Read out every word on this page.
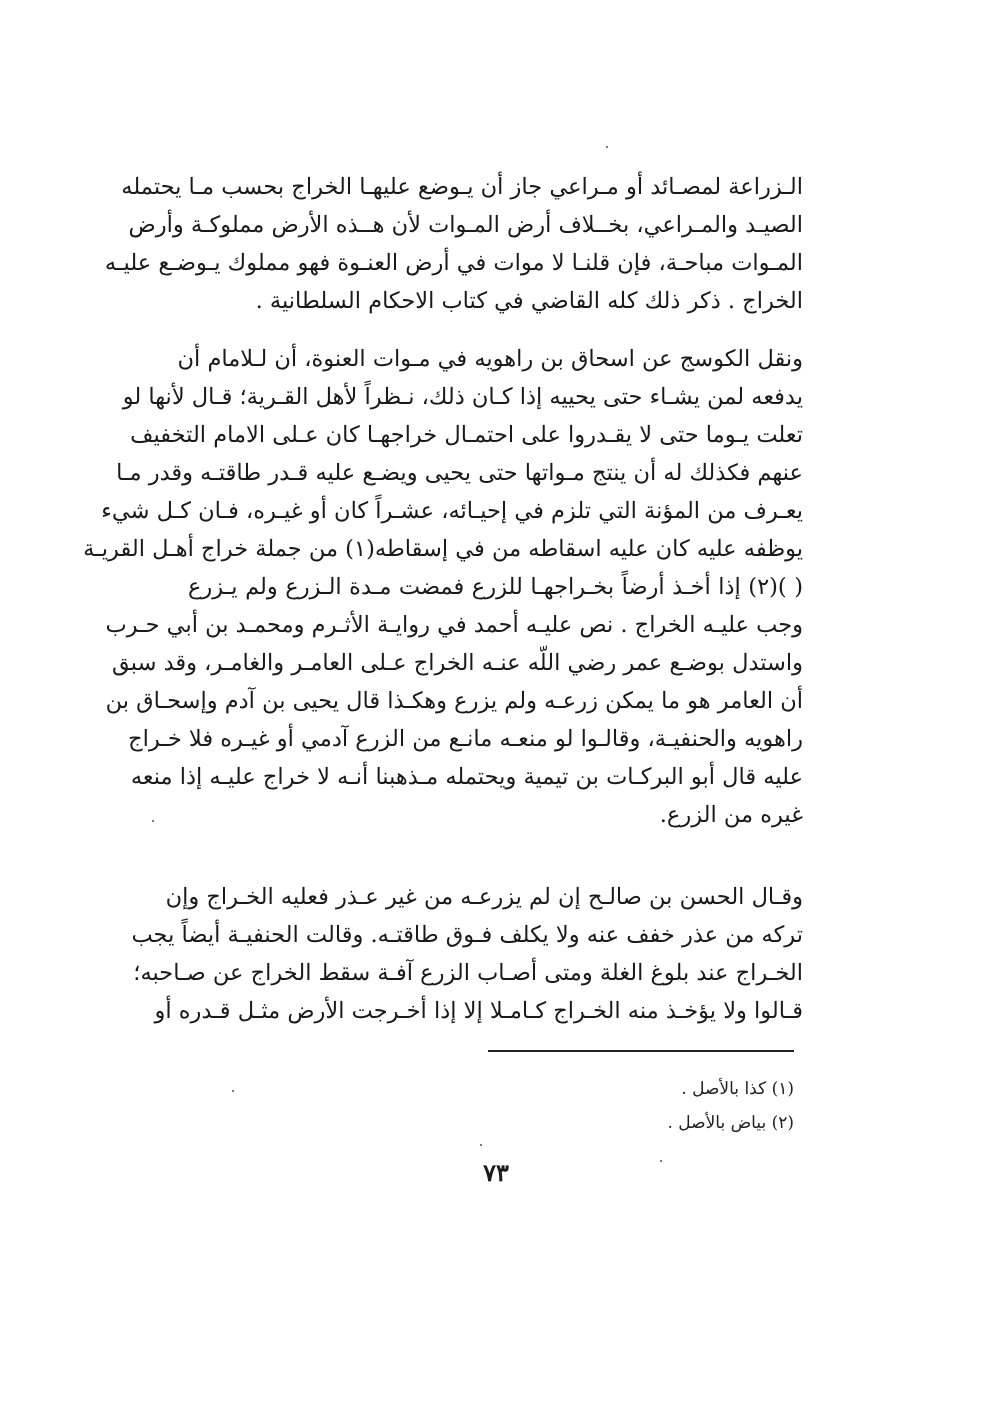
الـزراعة لمصـائد أو مـراعي جاز أن يـوضع عليهـا الخراج بحسب مـا يحتمله
الصيـد والمـراعي، بخــلاف أرض المـوات لأن هــذه الأرض مملوكـة وأرض
المـوات مباحـة، فإن قلنـا لا موات في أرض العنـوة فهو مملوك يـوضـع عليـه
الخراج . ذكر ذلك كله القاضي في كتاب الاحكام السلطانية .
ونقل الكوسج عن اسحاق بن راهويه في مـوات العنوة، أن لـلامام أن
يدفعه لمن يشـاء حتى يحييه إذا كـان ذلك، نـظراً لأهل القـرية؛ قـال لأنها لو
تعلت يـوما حتى لا يقـدروا على احتمـال خراجهـا كان عـلى الامام التخفيف
عنهم فكذلك له أن ينتج مـواتها حتى يحيى ويضـع عليه قـدر طاقتـه وقدر مـا
يعـرف من المؤنة التي تلزم في إحيـائه، عشـراً كان أو غيـره، فـان كـل شيء
يوظفه عليه كان عليه اسقاطه من في إسقاطه(١) من جملة خراج أهـل القريـة
( )(٢) إذا أخـذ أرضاً بخـراجهـا للزرع فمضت مـدة الـزرع ولم يـزرع
وجب عليـه الخراج . نص عليـه أحمد في روايـة الأثـرم ومحمـد بن أبي حـرب
واستدل بوضـع عمر رضي اللّه عنـه الخراج عـلى العامـر والغامـر، وقد سبق
أن العامر هو ما يمكن زرعـه ولم يزرع وهكـذا قال يحيى بن آدم وإسحـاق بن
راهويه والحنفيـة، وقالـوا لو منعـه مانـع من الزرع آدمي أو غيـره فلا خـراج
عليه قال أبو البركـات بن تيمية ويحتمله مـذهبنا أنـه لا خراج عليـه إذا منعه
غيره من الزرع.
وقـال الحسن بن صالـح إن لم يزرعـه من غير عـذر فعليه الخـراج وإن
تركه من عذر خفف عنه ولا يكلف فـوق طاقتـه. وقالت الحنفيـة أيضاً يجب
الخـراج عند بلوغ الغلة ومتى أصـاب الزرع آفـة سقط الخراج عن صـاحبه؛
قـالوا ولا يؤخـذ منه الخـراج كـامـلا إلا إذا أخـرجت الأرض مثـل قـدره أو
(١) كذا بالأصل .
(٢) بياض بالأصل .
٧٣
